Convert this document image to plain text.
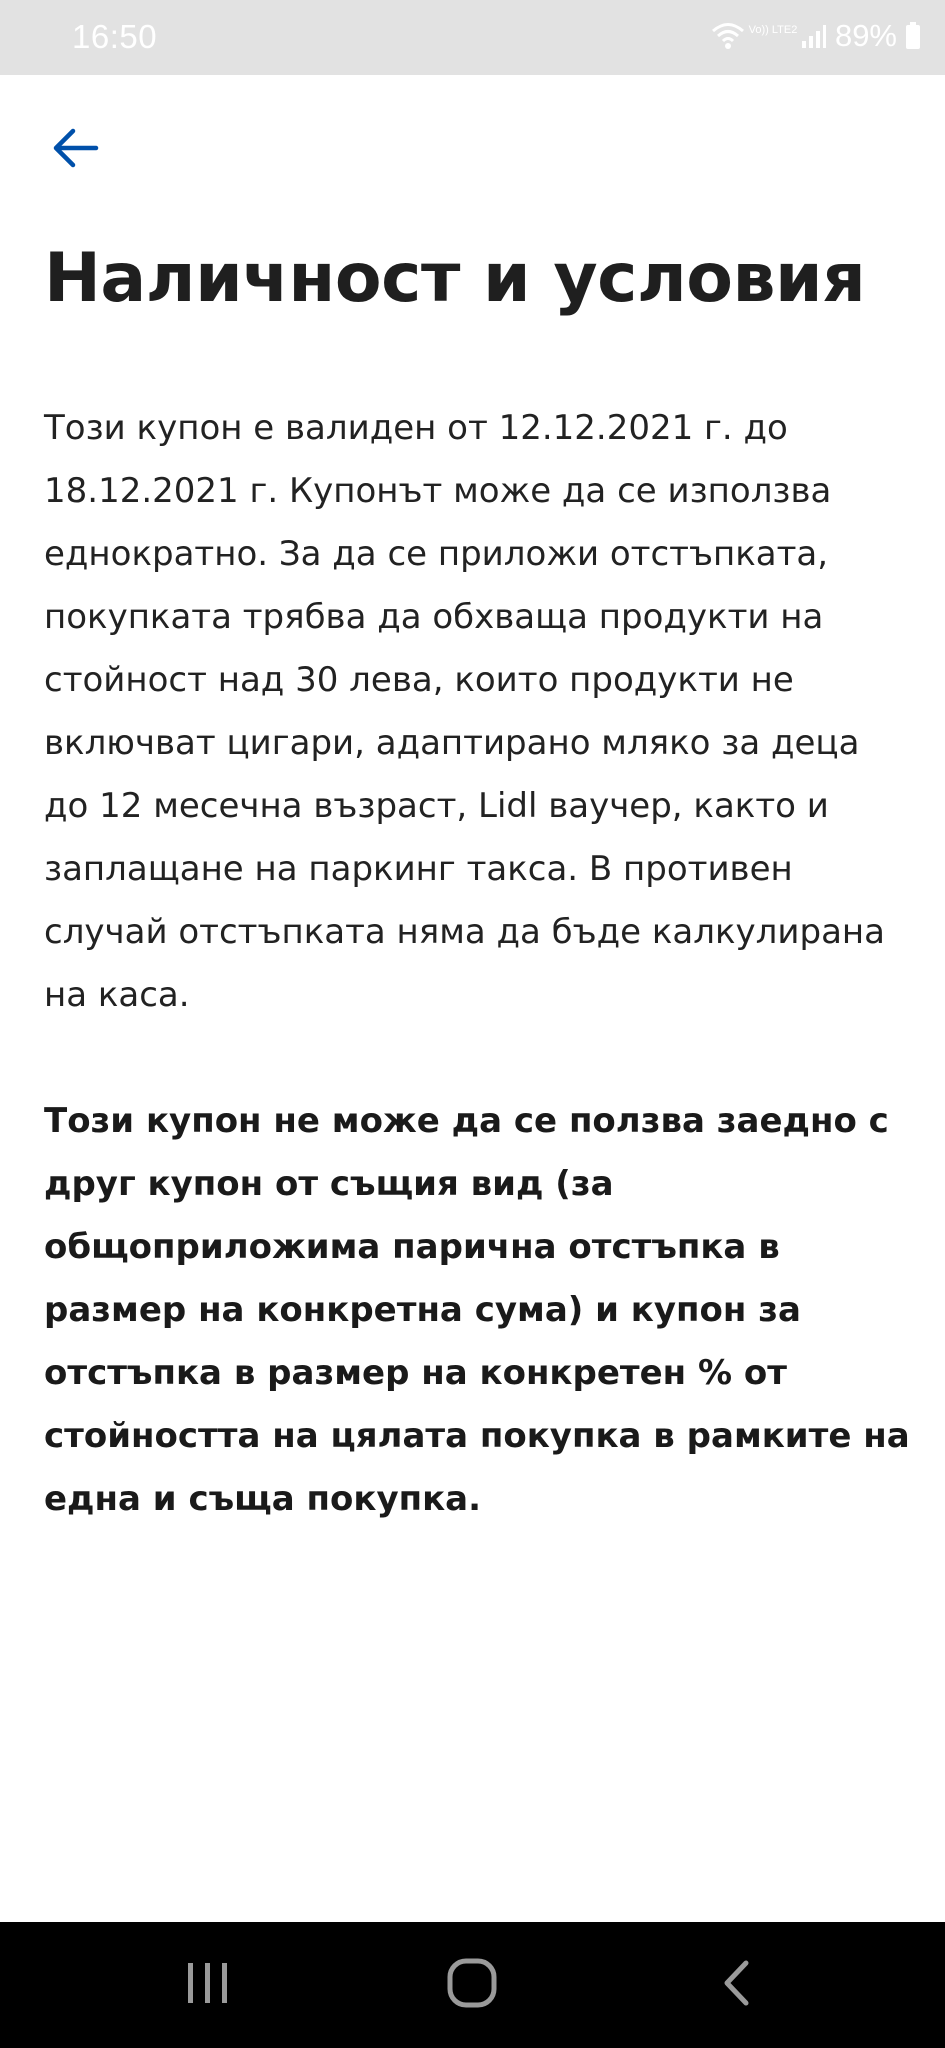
16:50	Vo)) LTE2 89%
Наличност и условия

Този купон е валиден от 12.12.2021 г. до 18.12.2021 г. Купонът може да се използва еднократно. За да се приложи отстъпката, покупката трябва да обхваща продукти на стойност над 30 лева, които продукти не включват цигари, адаптирано мляко за деца до 12 месечна възраст, Lidl ваучер, както и заплащане на паркинг такса. В противен случай отстъпката няма да бъде калкулирана на каса.

Този купон не може да се ползва заедно с друг купон от същия вид (за общоприложима парична отстъпка в размер на конкретна сума) и купон за отстъпка в размер на конкретен % от стойността на цялата покупка в рамките на една и съща покупка.
